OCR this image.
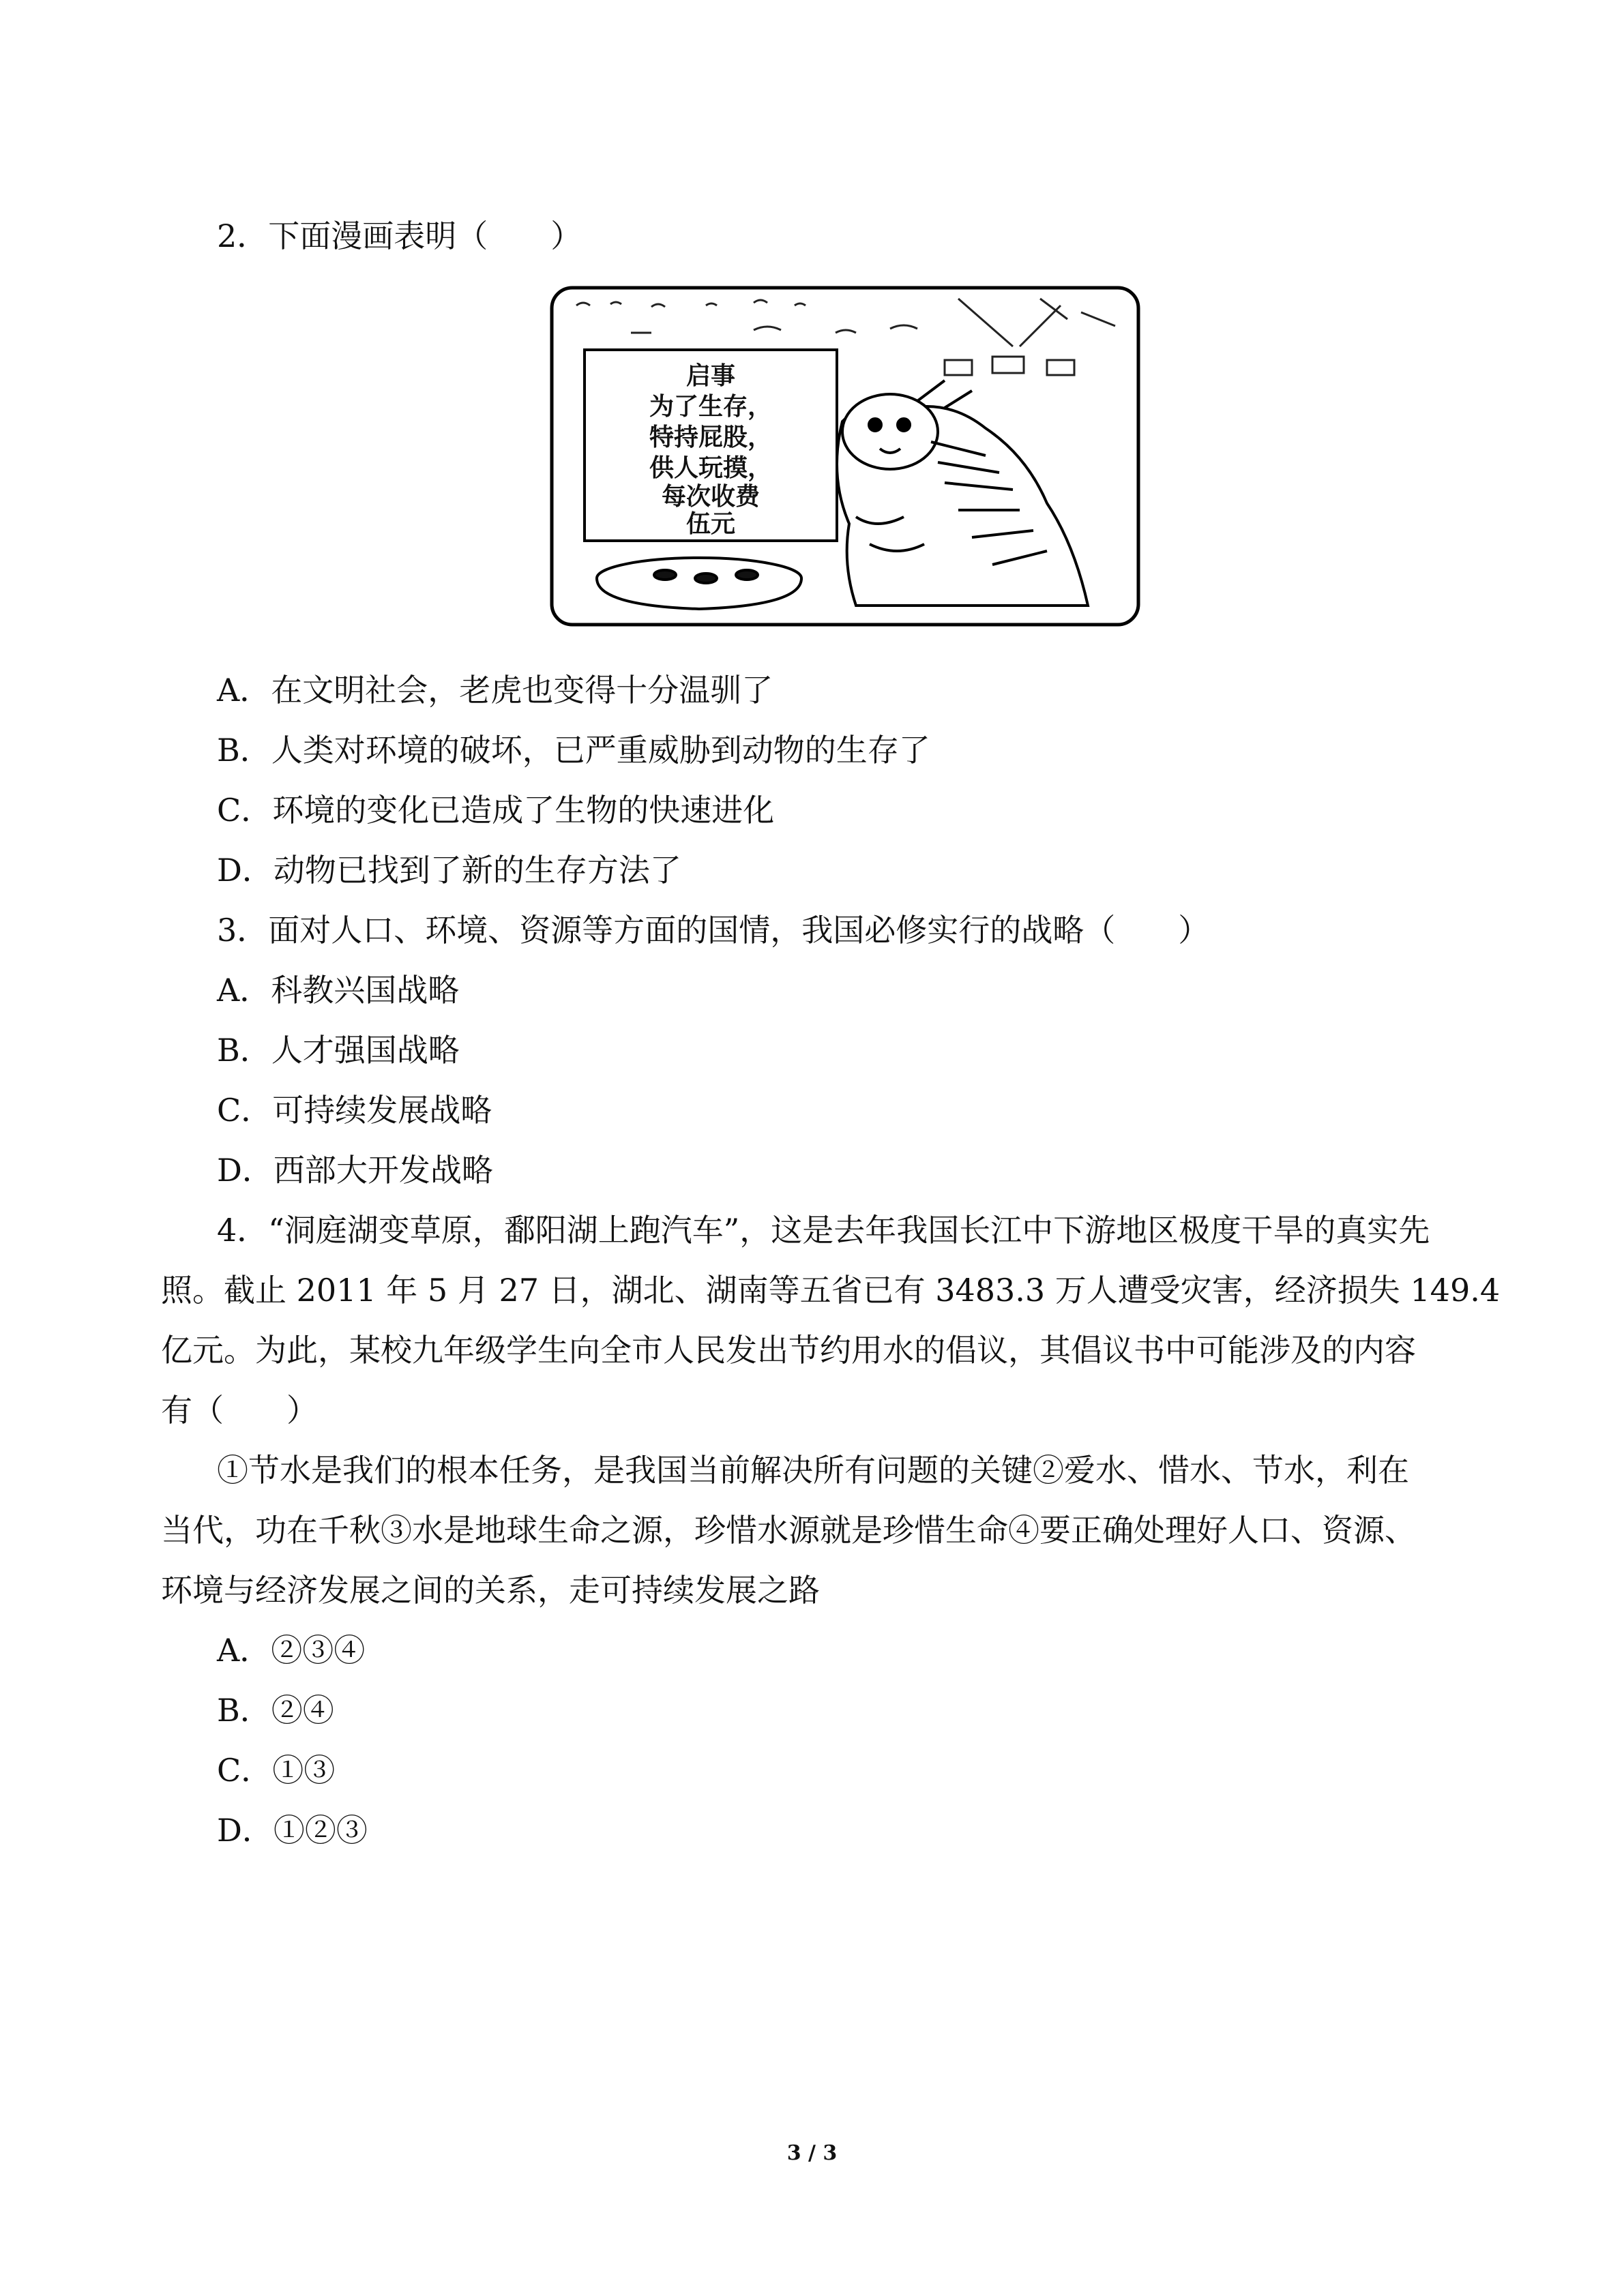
2．下面漫画表明（　　）
启事
为了生存，
特持屁股，
供人玩摸，
每次收费
伍元
A．在文明社会，老虎也变得十分温驯了
B．人类对环境的破坏，已严重威胁到动物的生存了
C．环境的变化已造成了生物的快速进化
D．动物已找到了新的生存方法了
3．面对人口、环境、资源等方面的国情，我国必修实行的战略（　　）
A．科教兴国战略
B．人才强国战略
C．可持续发展战略
D．西部大开发战略
4．“洞庭湖变草原，鄱阳湖上跑汽车”，这是去年我国长江中下游地区极度干旱的真实先
照。截止 2011 年 5 月 27 日，湖北、湖南等五省已有 3483.3 万人遭受灾害，经济损失 149.4
亿元。为此，某校九年级学生向全市人民发出节约用水的倡议，其倡议书中可能涉及的内容
有（　　）
①节水是我们的根本任务，是我国当前解决所有问题的关键②爱水、惜水、节水，利在
当代，功在千秋③水是地球生命之源，珍惜水源就是珍惜生命④要正确处理好人口、资源、
环境与经济发展之间的关系，走可持续发展之路
A．②③④
B．②④
C．①③
D．①②③
3 / 3
